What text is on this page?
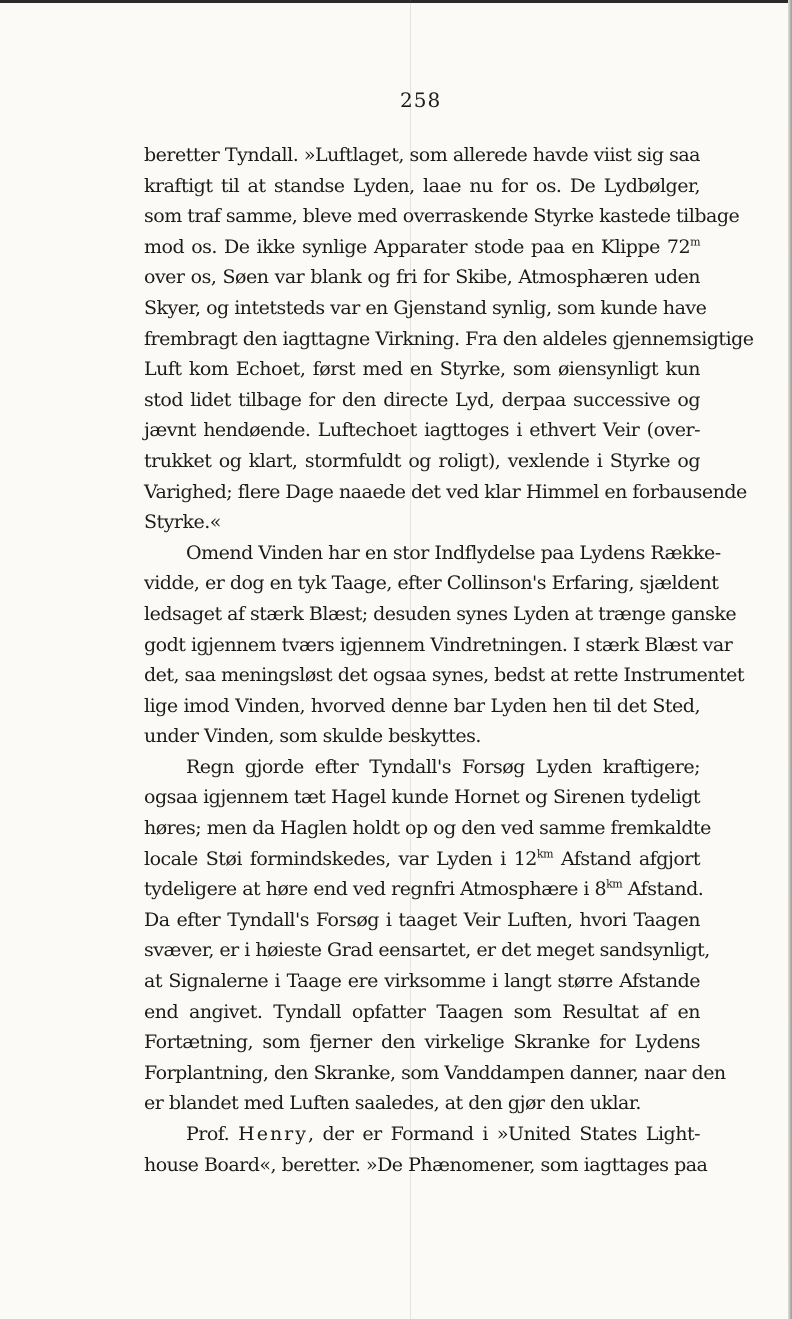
258
beretter Tyndall. »Luftlaget, som allerede havde viist sig saa
kraftigt til at standse Lyden, laae nu for os. De Lydbølger,
som traf samme, bleve med overraskende Styrke kastede tilbage
mod os. De ikke synlige Apparater stode paa en Klippe 72$^m$
over os, Søen var blank og fri for Skibe, Atmosphæren uden
Skyer, og intetsteds var en Gjenstand synlig, som kunde have
frembragt den iagttagne Virkning. Fra den aldeles gjennemsigtige
Luft kom Echoet, først med en Styrke, som øiensynligt kun
stod lidet tilbage for den directe Lyd, derpaa successive og
jævnt hendøende. Luftechoet iagttoges i ethvert Veir (over-
trukket og klart, stormfuldt og roligt), vexlende i Styrke og
Varighed; flere Dage naaede det ved klar Himmel en forbausende
Styrke.«
Omend Vinden har en stor Indflydelse paa Lydens Række-
vidde, er dog en tyk Taage, efter Collinson's Erfaring, sjældent
ledsaget af stærk Blæst; desuden synes Lyden at trænge ganske
godt igjennem tværs igjennem Vindretningen. I stærk Blæst var
det, saa meningsløst det ogsaa synes, bedst at rette Instrumentet
lige imod Vinden, hvorved denne bar Lyden hen til det Sted,
under Vinden, som skulde beskyttes.
Regn gjorde efter Tyndall's Forsøg Lyden kraftigere;
ogsaa igjennem tæt Hagel kunde Hornet og Sirenen tydeligt
høres; men da Haglen holdt op og den ved samme fremkaldte
locale Støi formindskedes, var Lyden i $12^{km}$ Afstand afgjort
tydeligere at høre end ved regnfri Atmosphære i $8^{km}$ Afstand.
Da efter Tyndall's Forsøg i taaget Veir Luften, hvori Taagen
svæver, er i høieste Grad eensartet, er det meget sandsynligt,
at Signalerne i Taage ere virksomme i langt større Afstande
end angivet. Tyndall opfatter Taagen som Resultat af en
Fortætning, som fjerner den virkelige Skranke for Lydens
Forplantning, den Skranke, som Vanddampen danner, naar den
er blandet med Luften saaledes, at den gjør den uklar.
Prof. Henry, der er Formand i »United States Light-
house Board«, beretter. »De Phænomener, som iagttages paa
